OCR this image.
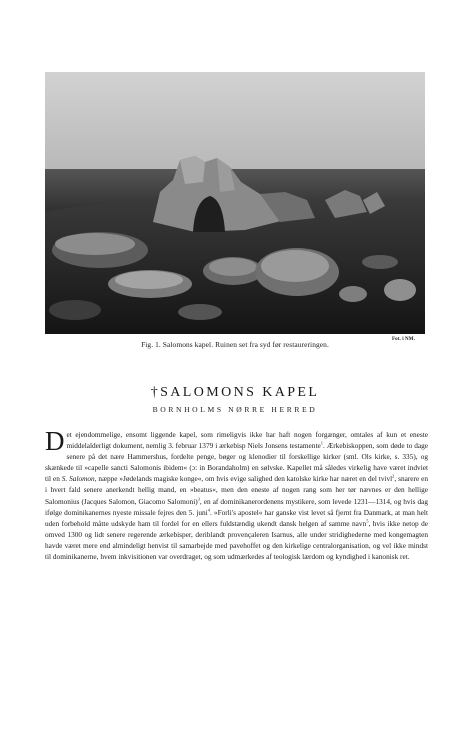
Fot. i NM.
Fig. 1. Salomons kapel. Ruinen set fra syd før restaureringen.
†SALOMONS KAPEL
BORNHOLMS NØRRE HERRED
Det ejendommelige, ensomt liggende kapel, som rimeligvis ikke har haft nogen forgænger, omtales af kun et eneste middelalderligt dokument, nemlig 3. februar 1379 i ærkebisp Niels Jonsens testamente$^1$. Ærkebiskoppen, som døde to dage senere på det nære Hammershus, fordelte penge, bøger og klenodier til forskellige kirker (sml. Ols kirke, s. 335), og skænkede til »capelle sancti Salomonis ibidem« (ɔ: in Borandaholm) en sølvske. Kapellet må således virkelig have været indviet til en S. Salomon, næppe »Jødelands magiske konge«, om hvis evige salighed den katolske kirke har næret en del tvivl$^2$, snarere en i hvert fald senere anerkendt hellig mand, en »beatus«, men den eneste af nogen rang som her tør nævnes er den hellige Salomonius (Jacques Salomon, Giacomo Salomoni)$^3$, en af dominikanerordenens mystikere, som levede 1231—1314, og hvis dag ifølge dominikanernes nyeste missale fejres den 5. juni$^4$. »Forli's apostel« har ganske vist levet så fjernt fra Danmark, at man helt uden forbehold måtte udskyde ham til fordel for en ellers fuldstændig ukendt dansk helgen af samme navn$^5$, hvis ikke netop de omved 1300 og lidt senere regerende ærkebisper, deriblandt provençaleren Isarnus, alle under stridighederne med kongemagten havde været mere end almindeligt henvist til samarbejde med pavehoffet og den kirkelige centralorganisation, og vel ikke mindst til dominikanerne, hvem inkvisitionen var overdraget, og som udmærkedes af teologisk lærdom og kyndighed i kanonisk ret.
